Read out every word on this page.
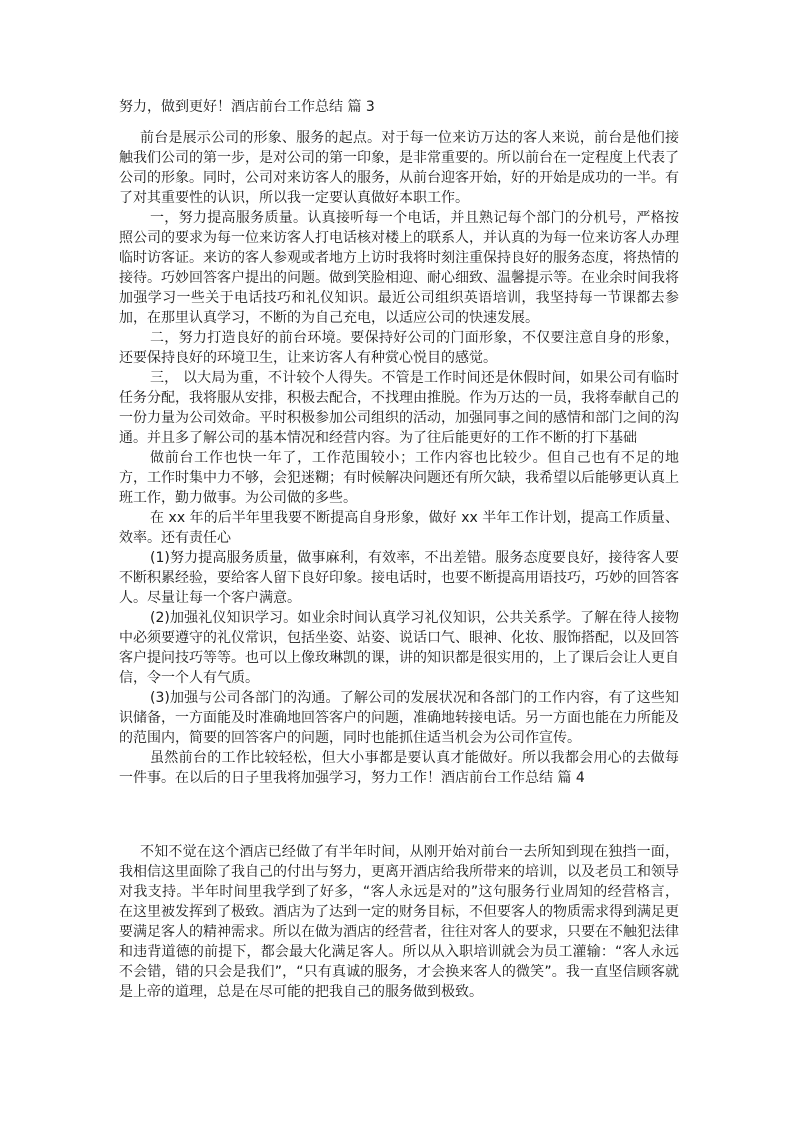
努力，做到更好！酒店前台工作总结 篇 3

前台是展示公司的形象、服务的起点。对于每一位来访万达的客人来说，前台是他们接触我们公司的第一步，是对公司的第一印象，是非常重要的。所以前台在一定程度上代表了公司的形象。同时，公司对来访客人的服务，从前台迎客开始，好的开始是成功的一半。有了对其重要性的认识，所以我一定要认真做好本职工作。

一，努力提高服务质量。认真接听每一个电话，并且熟记每个部门的分机号，严格按照公司的要求为每一位来访客人打电话核对楼上的联系人，并认真的为每一位来访客人办理临时访客证。来访的客人参观或者地方上访时我将时刻注重保持良好的服务态度，将热情的接待。巧妙回答客户提出的问题。做到笑脸相迎、耐心细致、温馨提示等。在业余时间我将加强学习一些关于电话技巧和礼仪知识。最近公司组织英语培训，我坚持每一节课都去参加，在那里认真学习，不断的为自己充电，以适应公司的快速发展。

二，努力打造良好的前台环境。要保持好公司的门面形象，不仅要注意自身的形象，还要保持良好的环境卫生，让来访客人有种赏心悦目的感觉。

三， 以大局为重，不计较个人得失。不管是工作时间还是休假时间，如果公司有临时任务分配，我将服从安排，积极去配合，不找理由推脱。作为万达的一员，我将奉献自己的一份力量为公司效命。平时积极参加公司组织的活动，加强同事之间的感情和部门之间的沟通。并且多了解公司的基本情况和经营内容。为了往后能更好的工作不断的打下基础

做前台工作也快一年了，工作范围较小；工作内容也比较少。但自己也有不足的地方，工作时集中力不够，会犯迷糊；有时候解决问题还有所欠缺，我希望以后能够更认真上班工作，勤力做事。为公司做的多些。

在 xx 年的后半年里我要不断提高自身形象，做好 xx 半年工作计划，提高工作质量、效率。还有责任心

(1)努力提高服务质量，做事麻利，有效率，不出差错。服务态度要良好，接待客人要不断积累经验，要给客人留下良好印象。接电话时，也要不断提高用语技巧，巧妙的回答客人。尽量让每一个客户满意。

(2)加强礼仪知识学习。如业余时间认真学习礼仪知识，公共关系学。了解在待人接物中必须要遵守的礼仪常识，包括坐姿、站姿、说话口气、眼神、化妆、服饰搭配，以及回答客户提问技巧等等。也可以上像玫琳凯的课，讲的知识都是很实用的，上了课后会让人更自信，令一个人有气质。

(3)加强与公司各部门的沟通。了解公司的发展状况和各部门的工作内容，有了这些知识储备，一方面能及时准确地回答客户的问题，准确地转接电话。另一方面也能在力所能及的范围内，简要的回答客户的问题，同时也能抓住适当机会为公司作宣传。

虽然前台的工作比较轻松，但大小事都是要认真才能做好。所以我都会用心的去做每一件事。在以后的日子里我将加强学习，努力工作！酒店前台工作总结 篇 4

不知不觉在这个酒店已经做了有半年时间，从刚开始对前台一去所知到现在独挡一面，我相信这里面除了我自己的付出与努力，更离开酒店给我所带来的培训，以及老员工和领导对我支持。半年时间里我学到了好多，“客人永远是对的”这句服务行业周知的经营格言，在这里被发挥到了极致。酒店为了达到一定的财务目标，不但要客人的物质需求得到满足更要满足客人的精神需求。所以在做为酒店的经营者，往往对客人的要求，只要在不触犯法律和违背道德的前提下，都会最大化满足客人。所以从入职培训就会为员工灌输：“客人永远不会错，错的只会是我们”，“只有真诚的服务，才会换来客人的微笑”。我一直坚信顾客就是上帝的道理，总是在尽可能的把我自己的服务做到极致。
